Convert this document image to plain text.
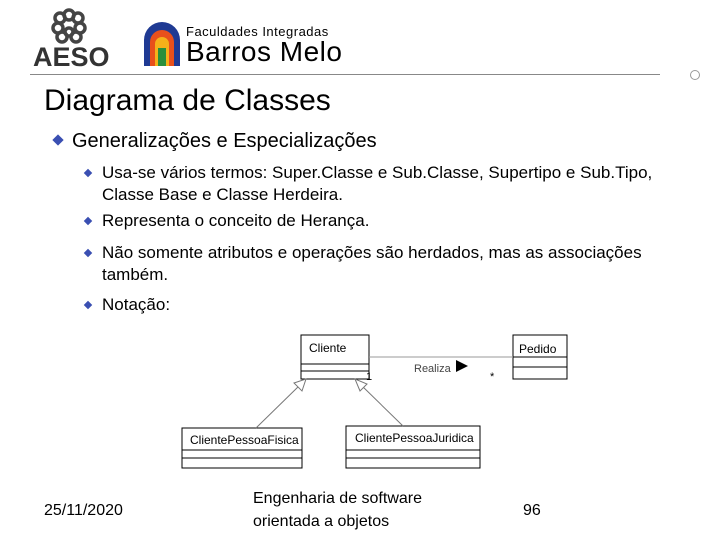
AESO
Faculdades Integradas
Barros Melo
Diagrama de Classes
Generalizações e Especializações
Usa-se vários termos: Super.Classe e Sub.Classe, Supertipo e Sub.Tipo, Classe Base e Classe Herdeira.
Representa o conceito de Herança.
Não somente atributos e operações são herdados, mas as associações também.
Notação:
Cliente	Pedido
Realiza
1	*
ClientePessoaFisica	ClientePessoaJuridica
25/11/2020
Engenharia de software
orientada a objetos
96
